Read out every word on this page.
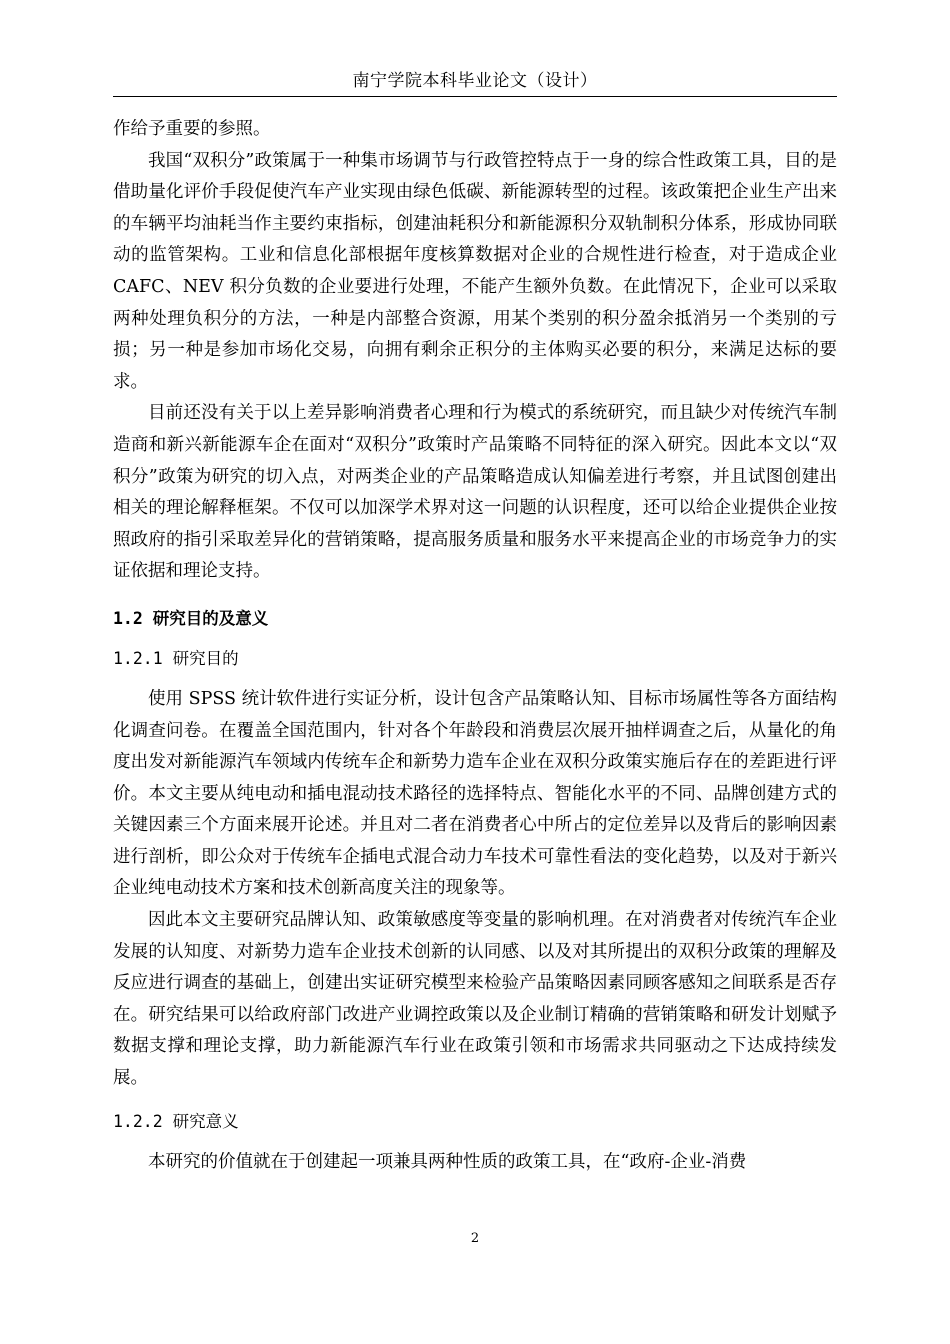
南宁学院本科毕业论文（设计）

作给予重要的参照。

我国“双积分”政策属于一种集市场调节与行政管控特点于一身的综合性政策工具，目的是借助量化评价手段促使汽车产业实现由绿色低碳、新能源转型的过程。该政策把企业生产出来的车辆平均油耗当作主要约束指标，创建油耗积分和新能源积分双轨制积分体系，形成协同联动的监管架构。工业和信息化部根据年度核算数据对企业的合规性进行检查，对于造成企业 CAFC、NEV 积分负数的企业要进行处理，不能产生额外负数。在此情况下，企业可以采取两种处理负积分的方法，一种是内部整合资源，用某个类别的积分盈余抵消另一个类别的亏损；另一种是参加市场化交易，向拥有剩余正积分的主体购买必要的积分，来满足达标的要求。

目前还没有关于以上差异影响消费者心理和行为模式的系统研究，而且缺少对传统汽车制造商和新兴新能源车企在面对“双积分”政策时产品策略不同特征的深入研究。因此本文以“双积分”政策为研究的切入点，对两类企业的产品策略造成认知偏差进行考察，并且试图创建出相关的理论解释框架。不仅可以加深学术界对这一问题的认识程度，还可以给企业提供企业按照政府的指引采取差异化的营销策略，提高服务质量和服务水平来提高企业的市场竞争力的实证依据和理论支持。

1.2 研究目的及意义
1.2.1 研究目的

使用 SPSS 统计软件进行实证分析，设计包含产品策略认知、目标市场属性等各方面结构化调查问卷。在覆盖全国范围内，针对各个年龄段和消费层次展开抽样调查之后，从量化的角度出发对新能源汽车领域内传统车企和新势力造车企业在双积分政策实施后存在的差距进行评价。本文主要从纯电动和插电混动技术路径的选择特点、智能化水平的不同、品牌创建方式的关键因素三个方面来展开论述。并且对二者在消费者心中所占的定位差异以及背后的影响因素进行剖析，即公众对于传统车企插电式混合动力车技术可靠性看法的变化趋势，以及对于新兴企业纯电动技术方案和技术创新高度关注的现象等。

因此本文主要研究品牌认知、政策敏感度等变量的影响机理。在对消费者对传统汽车企业发展的认知度、对新势力造车企业技术创新的认同感、以及对其所提出的双积分政策的理解及反应进行调查的基础上，创建出实证研究模型来检验产品策略因素同顾客感知之间联系是否存在。研究结果可以给政府部门改进产业调控政策以及企业制订精确的营销策略和研发计划赋予数据支撑和理论支撑，助力新能源汽车行业在政策引领和市场需求共同驱动之下达成持续发展。

1.2.2 研究意义

本研究的价值就在于创建起一项兼具两种性质的政策工具，在“政府-企业-消费

2
